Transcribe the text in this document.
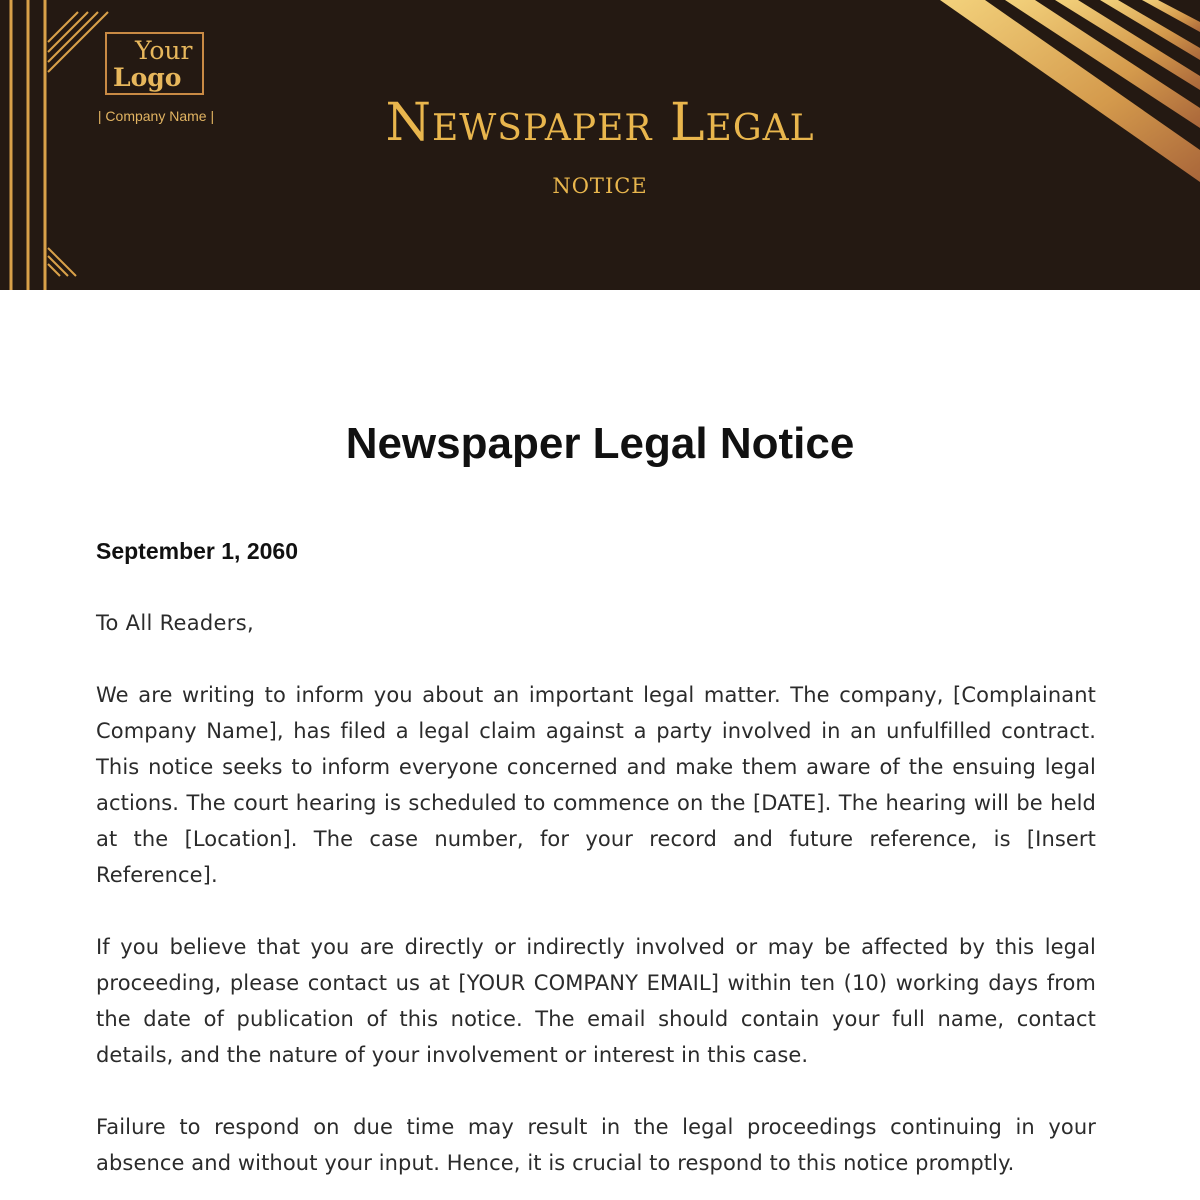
Your
Logo
| Company Name |	Newspaper Legal
notice
Newspaper Legal Notice

September 1, 2060

To All Readers,

We are writing to inform you about an important legal matter. The company, [Complainant Company Name], has filed a legal claim against a party involved in an unfulfilled contract. This notice seeks to inform everyone concerned and make them aware of the ensuing legal actions. The court hearing is scheduled to commence on the [DATE]. The hearing will be held at the [Location]. The case number, for your record and future reference, is [Insert Reference].

If you believe that you are directly or indirectly involved or may be affected by this legal proceeding, please contact us at [YOUR COMPANY EMAIL] within ten (10) working days from the date of publication of this notice. The email should contain your full name, contact details, and the nature of your involvement or interest in this case.

Failure to respond on due time may result in the legal proceedings continuing in your absence and without your input. Hence, it is crucial to respond to this notice promptly.
